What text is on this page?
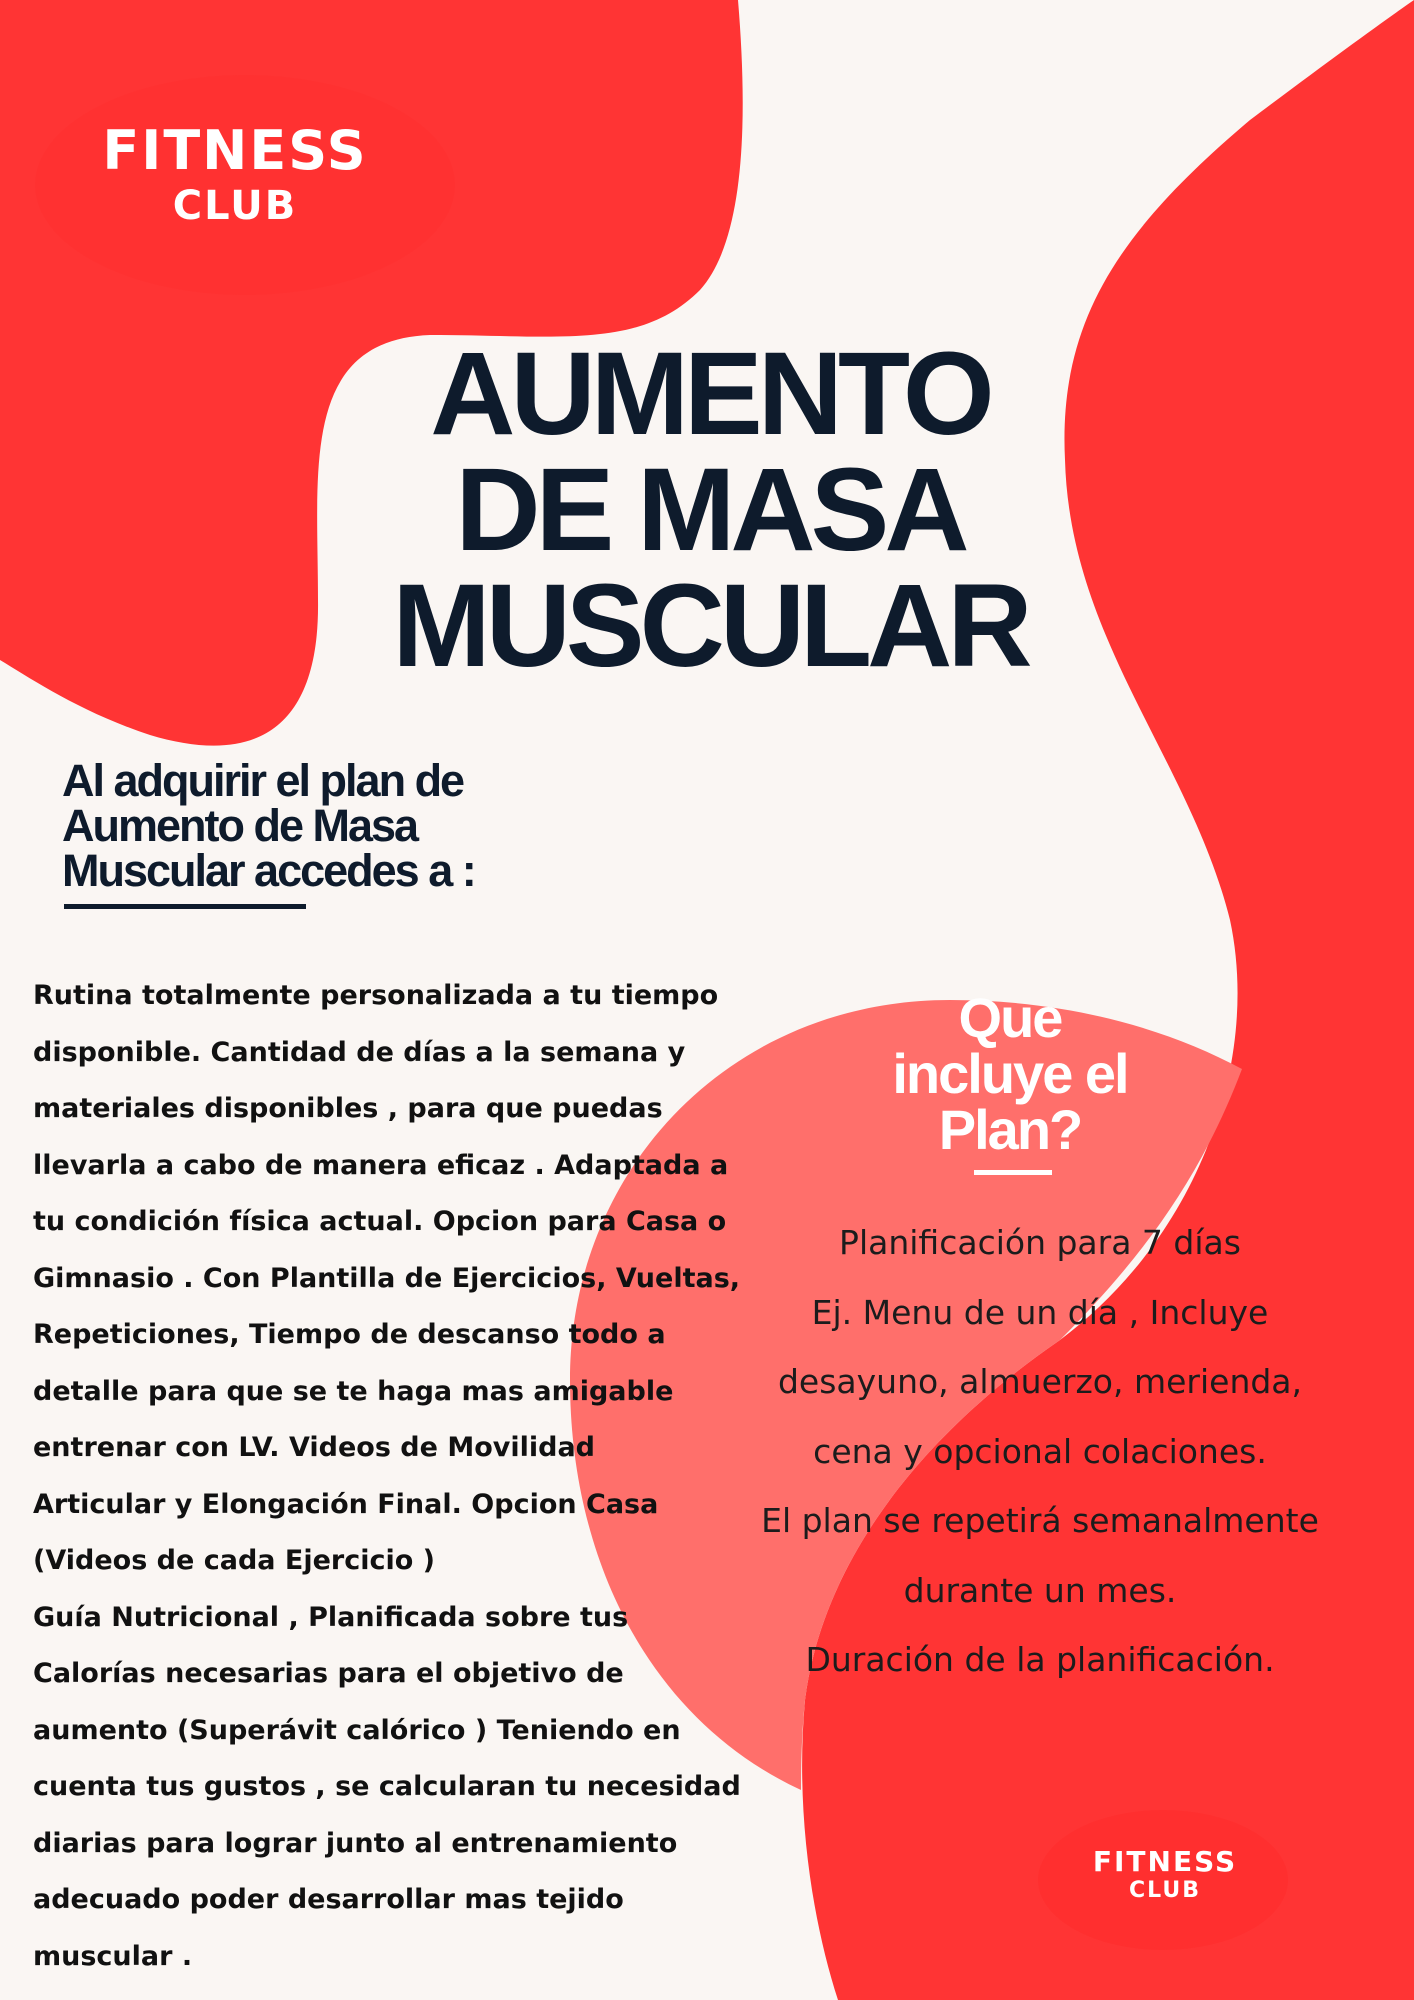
FITNESS
CLUB
AUMENTO
DE MASA
MUSCULAR
Al adquirir el plan de
Aumento de Masa
Muscular accedes a :
Rutina totalmente personalizada a tu tiempo
disponible. Cantidad de días a la semana y
materiales disponibles , para que puedas
llevarla a cabo de manera eficaz . Adaptada a
tu condición física actual. Opcion para Casa o
Gimnasio . Con Plantilla de Ejercicios, Vueltas,
Repeticiones, Tiempo de descanso todo a
detalle para que se te haga mas amigable
entrenar con LV. Videos de Movilidad
Articular y Elongación Final. Opcion Casa
(Videos de cada Ejercicio )
Guía Nutricional , Planificada sobre tus
Calorías necesarias para el objetivo de
aumento (Superávit calórico ) Teniendo en
cuenta tus gustos , se calcularan tu necesidad
diarias para lograr junto al entrenamiento
adecuado poder desarrollar mas tejido
muscular .
Que
incluye el
Plan?
Planificación para 7 días
Ej. Menu de un día , Incluye
desayuno, almuerzo, merienda,
cena y opcional colaciones.
El plan se repetirá semanalmente
durante un mes.
Duración de la planificación.
FITNESS
CLUB
